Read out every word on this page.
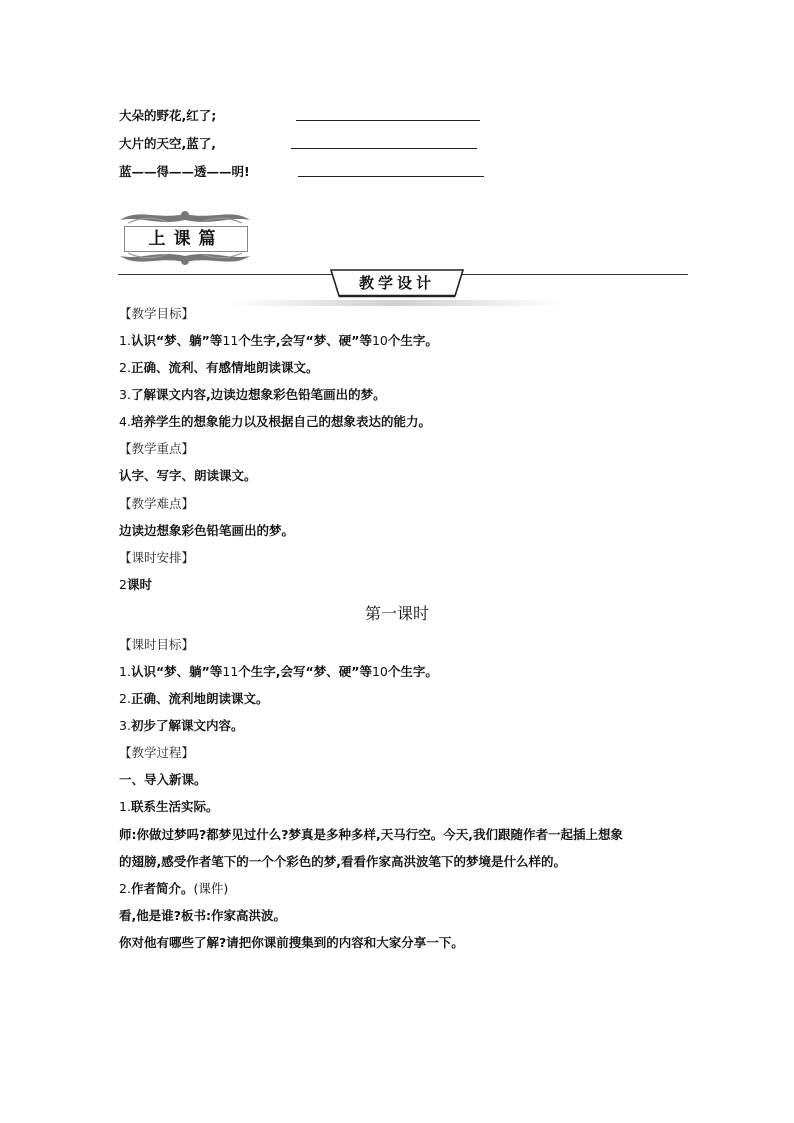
大朵的野花,红了;
大片的天空,蓝了,
蓝——得——透——明!
上课篇
教学设计
【教学目标】
1.认识“梦、躺”等11个生字,会写“梦、硬”等10个生字。
2.正确、流利、有感情地朗读课文。
3.了解课文内容,边读边想象彩色铅笔画出的梦。
4.培养学生的想象能力以及根据自己的想象表达的能力。
【教学重点】
认字、写字、朗读课文。
【教学难点】
边读边想象彩色铅笔画出的梦。
【课时安排】
2课时
第一课时
【课时目标】
1.认识“梦、躺”等11个生字,会写“梦、硬”等10个生字。
2.正确、流利地朗读课文。
3.初步了解课文内容。
【教学过程】
一、导入新课。
1.联系生活实际。
师:你做过梦吗?都梦见过什么?梦真是多种多样,天马行空。今天,我们跟随作者一起插上想象
的翅膀,感受作者笔下的一个个彩色的梦,看看作家高洪波笔下的梦境是什么样的。
2.作者简介。(课件)
看,他是谁?板书:作家高洪波。
你对他有哪些了解?请把你课前搜集到的内容和大家分享一下。
